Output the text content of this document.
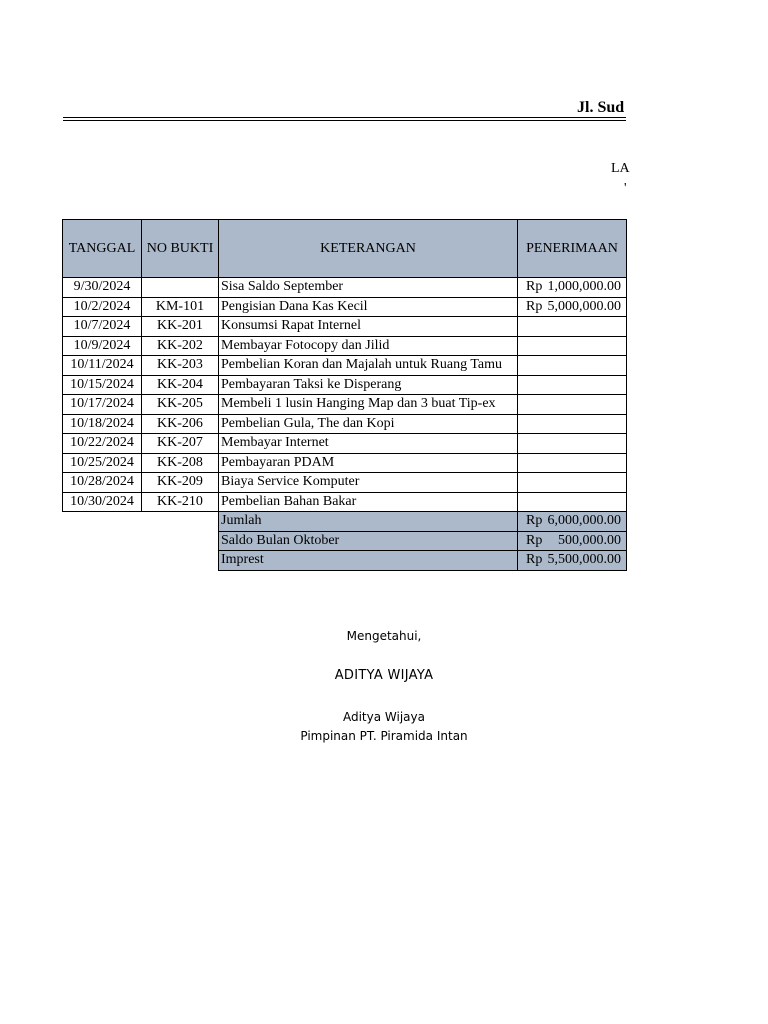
Jl. Sud
LA
'
TANGGAL	NO BUKTI	KETERANGAN	PENERIMAAN
9/30/2024		Sisa Saldo September	Rp 1,000,000.00

10/2/2024	KM-101	Pengisian Dana Kas Kecil	Rp 5,000,000.00

10/7/2024	KK-201	Konsumsi Rapat Internel	

10/9/2024	KK-202	Membayar Fotocopy dan Jilid	

10/11/2024	KK-203	Pembelian Koran dan Majalah untuk Ruang Tamu	

10/15/2024	KK-204	Pembayaran Taksi ke Disperang	

10/17/2024	KK-205	Membeli 1 lusin Hanging Map dan 3 buat Tip-ex	

10/18/2024	KK-206	Pembelian Gula, The dan Kopi	

10/22/2024	KK-207	Membayar Internet	

10/25/2024	KK-208	Pembayaran PDAM	

10/28/2024	KK-209	Biaya Service Komputer	

10/30/2024	KK-210	Pembelian Bahan Bakar	

		Jumlah	Rp 6,000,000.00

		Saldo Bulan Oktober	Rp 500,000.00

		Imprest	Rp 5,500,000.00
Mengetahui,
ADITYA WIJAYA
Aditya Wijaya
Pimpinan PT. Piramida Intan
